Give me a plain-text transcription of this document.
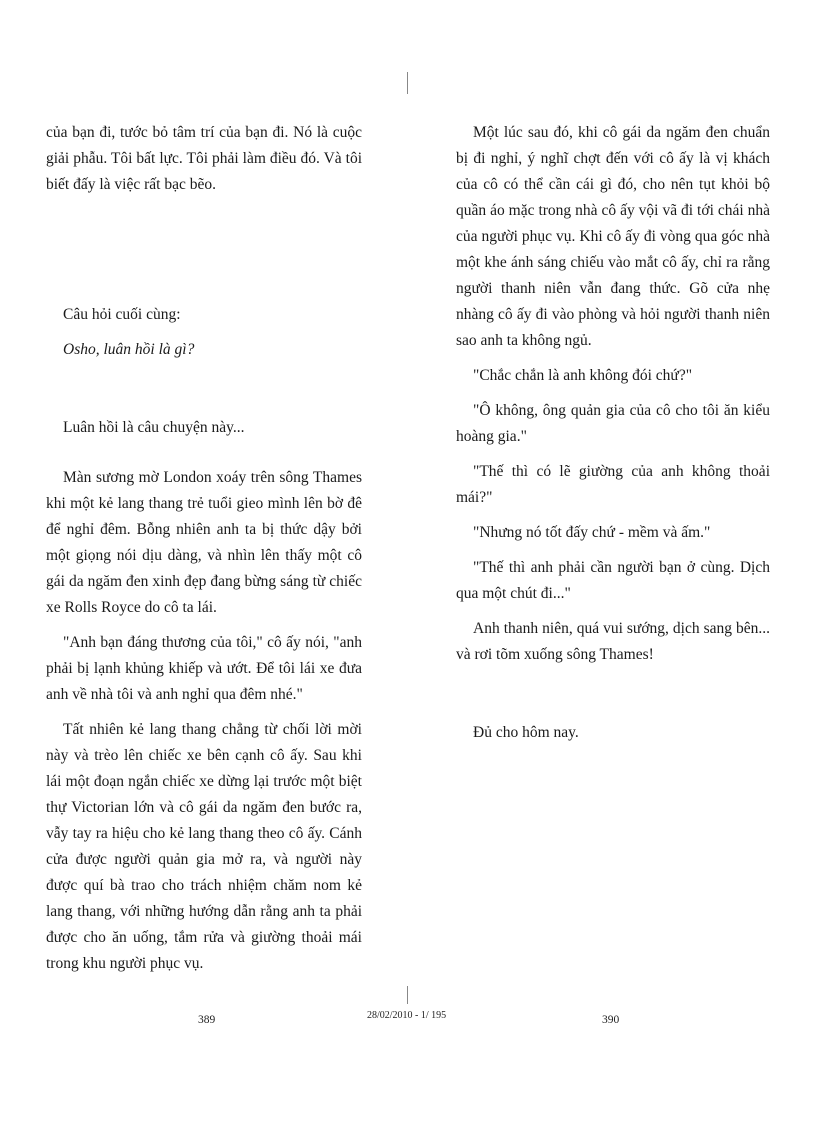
của bạn đi, tước bỏ tâm trí của bạn đi. Nó là cuộc giải phẫu. Tôi bất lực. Tôi phải làm điều đó. Và tôi biết đấy là việc rất bạc bẽo.

Câu hỏi cuối cùng:

Osho, luân hồi là gì?

Luân hồi là câu chuyện này...

Màn sương mờ London xoáy trên sông Thames khi một kẻ lang thang trẻ tuổi gieo mình lên bờ đê để nghỉ đêm. Bỗng nhiên anh ta bị thức dậy bởi một giọng nói dịu dàng, và nhìn lên thấy một cô gái da ngăm đen xinh đẹp đang bừng sáng từ chiếc xe Rolls Royce do cô ta lái.

"Anh bạn đáng thương của tôi," cô ấy nói, "anh phải bị lạnh khủng khiếp và ướt. Để tôi lái xe đưa anh về nhà tôi và anh nghỉ qua đêm nhé."

Tất nhiên kẻ lang thang chẳng từ chối lời mời này và trèo lên chiếc xe bên cạnh cô ấy. Sau khi lái một đoạn ngắn chiếc xe dừng lại trước một biệt thự Victorian lớn và cô gái da ngăm đen bước ra, vẫy tay ra hiệu cho kẻ lang thang theo cô ấy. Cánh cửa được người quản gia mở ra, và người này được quí bà trao cho trách nhiệm chăm nom kẻ lang thang, với những hướng dẫn rằng anh ta phải được cho ăn uống, tắm rửa và giường thoải mái trong khu người phục vụ.

Một lúc sau đó, khi cô gái da ngăm đen chuẩn bị đi nghỉ, ý nghĩ chợt đến với cô ấy là vị khách của cô có thể cần cái gì đó, cho nên tụt khỏi bộ quần áo mặc trong nhà cô ấy vội vã đi tới chái nhà của người phục vụ. Khi cô ấy đi vòng qua góc nhà một khe ánh sáng chiếu vào mắt cô ấy, chỉ ra rằng người thanh niên vẫn đang thức. Gõ cửa nhẹ nhàng cô ấy đi vào phòng và hỏi người thanh niên sao anh ta không ngủ.

"Chắc chắn là anh không đói chứ?"

"Ô không, ông quản gia của cô cho tôi ăn kiểu hoàng gia."

"Thế thì có lẽ giường của anh không thoải mái?"

"Nhưng nó tốt đấy chứ - mềm và ấm."

"Thế thì anh phải cần người bạn ở cùng. Dịch qua một chút đi..."

Anh thanh niên, quá vui sướng, dịch sang bên... và rơi tõm xuống sông Thames!

Đủ cho hôm nay.

389	28/02/2010 - 1/ 195	390
